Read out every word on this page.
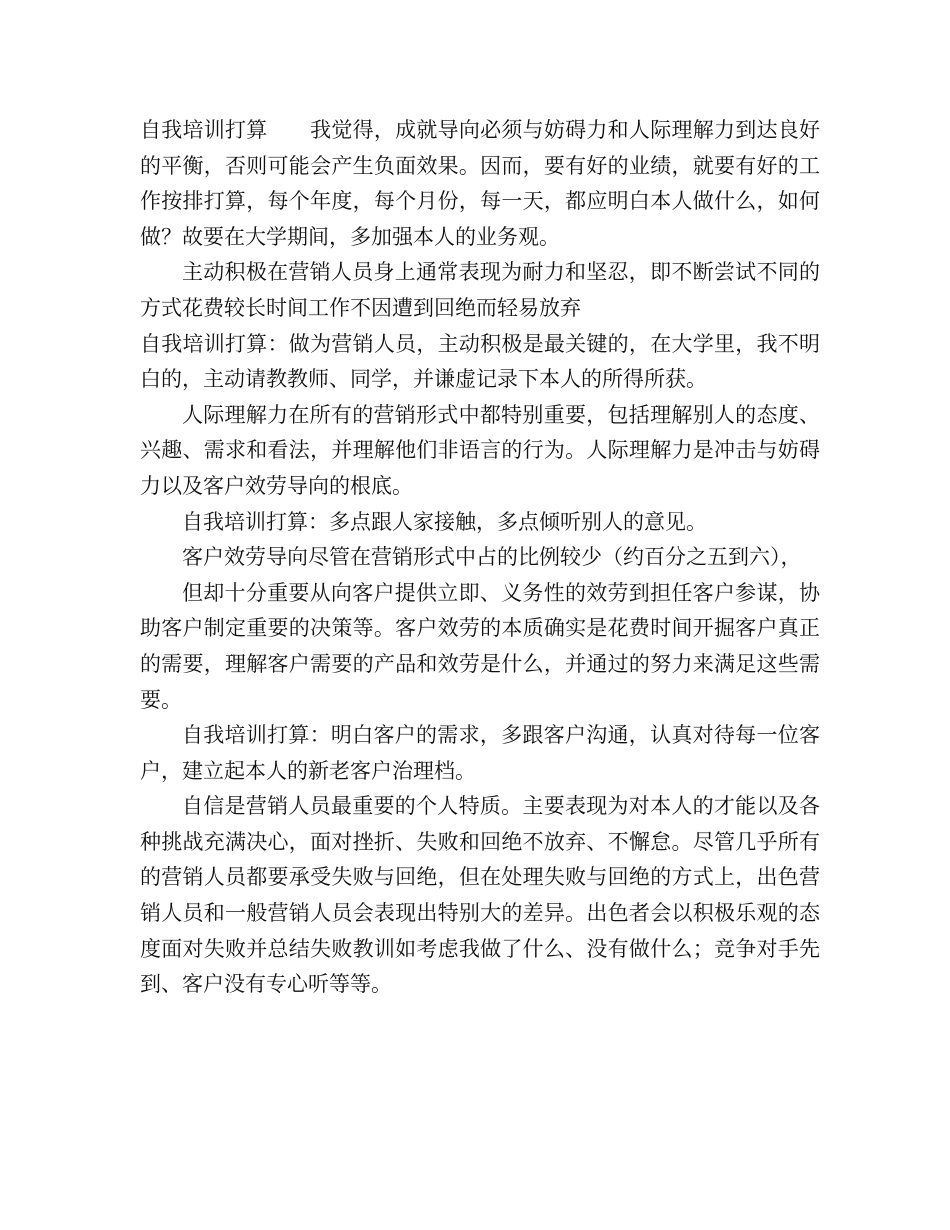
自我培训打算　　我觉得，成就导向必须与妨碍力和人际理解力到达良好的平衡，否则可能会产生负面效果。因而，要有好的业绩，就要有好的工作按排打算，每个年度，每个月份，每一天，都应明白本人做什么，如何做？故要在大学期间，多加强本人的业务观。

主动积极在营销人员身上通常表现为耐力和坚忍，即不断尝试不同的方式花费较长时间工作不因遭到回绝而轻易放弃

自我培训打算：做为营销人员，主动积极是最关键的，在大学里，我不明白的，主动请教教师、同学，并谦虚记录下本人的所得所获。

人际理解力在所有的营销形式中都特别重要，包括理解别人的态度、兴趣、需求和看法，并理解他们非语言的行为。人际理解力是冲击与妨碍力以及客户效劳导向的根底。

自我培训打算：多点跟人家接触，多点倾听别人的意见。

客户效劳导向尽管在营销形式中占的比例较少（约百分之五到六），

但却十分重要从向客户提供立即、义务性的效劳到担任客户参谋，协助客户制定重要的决策等。客户效劳的本质确实是花费时间开掘客户真正的需要，理解客户需要的产品和效劳是什么，并通过的努力来满足这些需要。

自我培训打算：明白客户的需求，多跟客户沟通，认真对待每一位客户，建立起本人的新老客户治理档。

自信是营销人员最重要的个人特质。主要表现为对本人的才能以及各种挑战充满决心，面对挫折、失败和回绝不放弃、不懈怠。尽管几乎所有的营销人员都要承受失败与回绝，但在处理失败与回绝的方式上，出色营销人员和一般营销人员会表现出特别大的差异。出色者会以积极乐观的态度面对失败并总结失败教训如考虑我做了什么、没有做什么；竞争对手先到、客户没有专心听等等。
